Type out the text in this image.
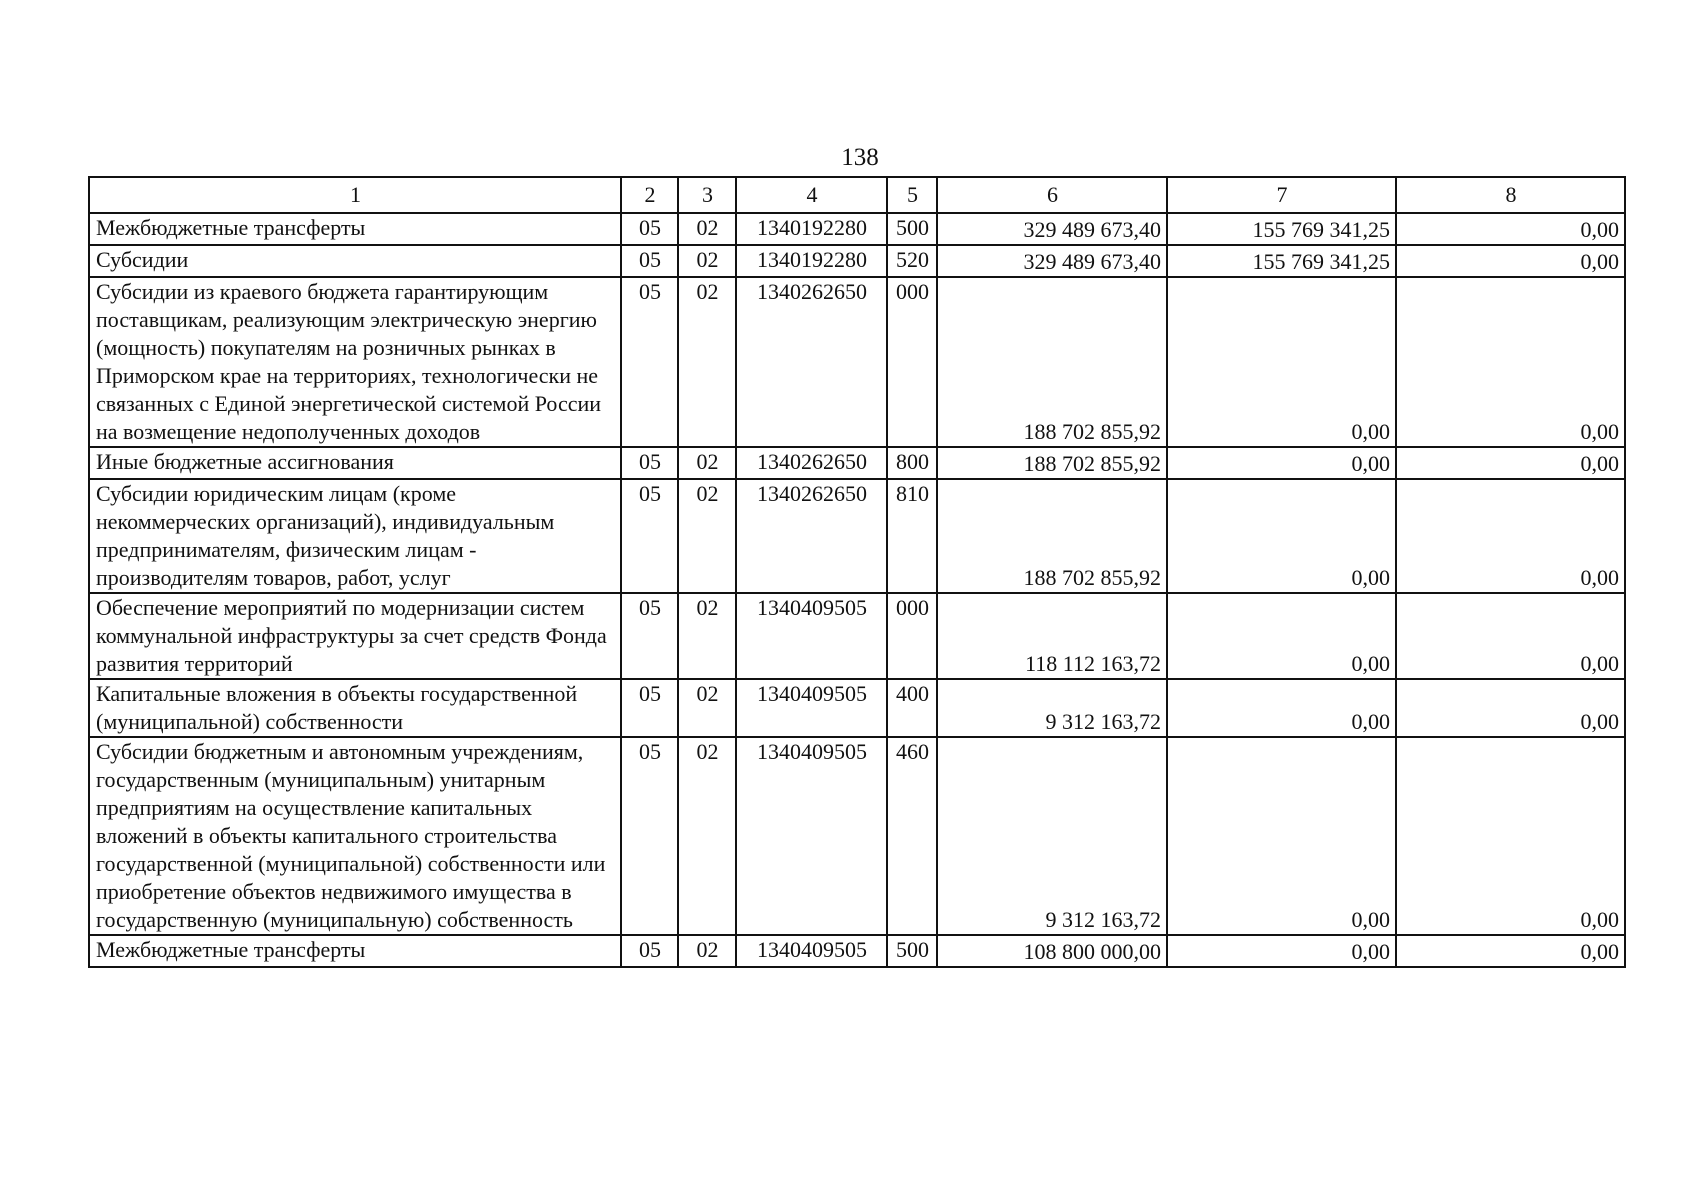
138
1	2	3	4	5	6	7	8
Межбюджетные трансферты	05	02	1340192280	500	329 489 673,40	155 769 341,25	0,00
Субсидии	05	02	1340192280	520	329 489 673,40	155 769 341,25	0,00
Субсидии из краевого бюджета гарантирующим поставщикам, реализующим электрическую энергию (мощность) покупателям на розничных рынках в Приморском крае на территориях, технологически не связанных с Единой энергетической системой России на возмещение недополученных доходов	05	02	1340262650	000	188 702 855,92	0,00	0,00
Иные бюджетные ассигнования	05	02	1340262650	800	188 702 855,92	0,00	0,00
Субсидии юридическим лицам (кроме некоммерческих организаций), индивидуальным предпринимателям, физическим лицам - производителям товаров, работ, услуг	05	02	1340262650	810	188 702 855,92	0,00	0,00
Обеспечение мероприятий по модернизации систем коммунальной инфраструктуры за счет средств Фонда развития территорий	05	02	1340409505	000	118 112 163,72	0,00	0,00
Капитальные вложения в объекты государственной (муниципальной) собственности	05	02	1340409505	400	9 312 163,72	0,00	0,00
Субсидии бюджетным и автономным учреждениям, государственным (муниципальным) унитарным предприятиям на осуществление капитальных вложений в объекты капитального строительства государственной (муниципальной) собственности или приобретение объектов недвижимого имущества в государственную (муниципальную) собственность	05	02	1340409505	460	9 312 163,72	0,00	0,00
Межбюджетные трансферты	05	02	1340409505	500	108 800 000,00	0,00	0,00
